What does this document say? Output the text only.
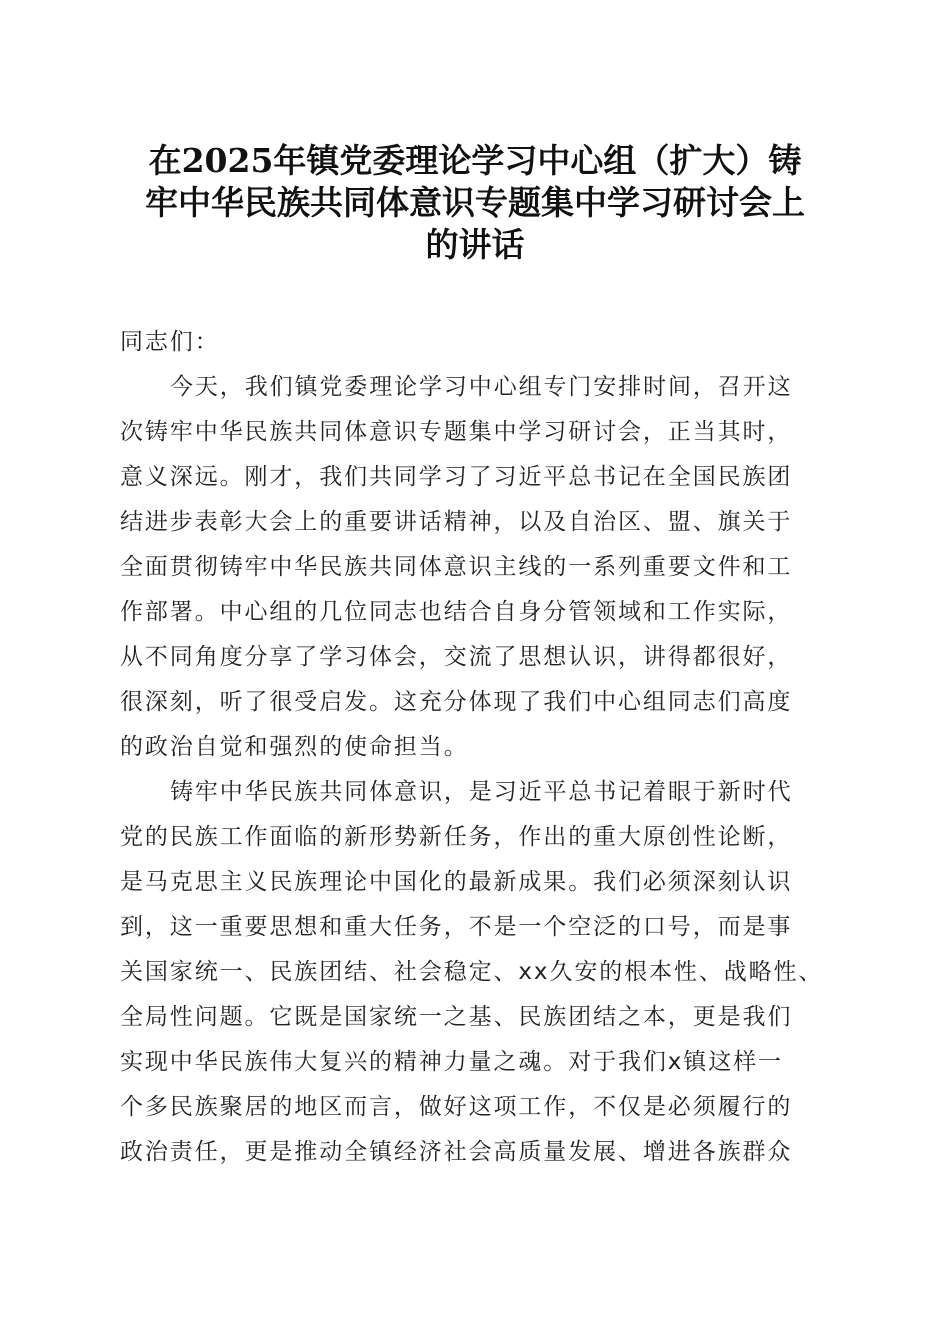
在2025年镇党委理论学习中心组（扩大）铸
牢中华民族共同体意识专题集中学习研讨会上
的讲话
同志们：
今天，我们镇党委理论学习中心组专门安排时间，召开这
次铸牢中华民族共同体意识专题集中学习研讨会，正当其时，
意义深远。刚才，我们共同学习了习近平总书记在全国民族团
结进步表彰大会上的重要讲话精神，以及自治区、盟、旗关于
全面贯彻铸牢中华民族共同体意识主线的一系列重要文件和工
作部署。中心组的几位同志也结合自身分管领域和工作实际，
从不同角度分享了学习体会，交流了思想认识，讲得都很好，
很深刻，听了很受启发。这充分体现了我们中心组同志们高度
的政治自觉和强烈的使命担当。
铸牢中华民族共同体意识，是习近平总书记着眼于新时代
党的民族工作面临的新形势新任务，作出的重大原创性论断，
是马克思主义民族理论中国化的最新成果。我们必须深刻认识
到，这一重要思想和重大任务，不是一个空泛的口号，而是事
关国家统一、民族团结、社会稳定、xx久安的根本性、战略性、
全局性问题。它既是国家统一之基、民族团结之本，更是我们
实现中华民族伟大复兴的精神力量之魂。对于我们x镇这样一
个多民族聚居的地区而言，做好这项工作，不仅是必须履行的
政治责任，更是推动全镇经济社会高质量发展、增进各族群众
